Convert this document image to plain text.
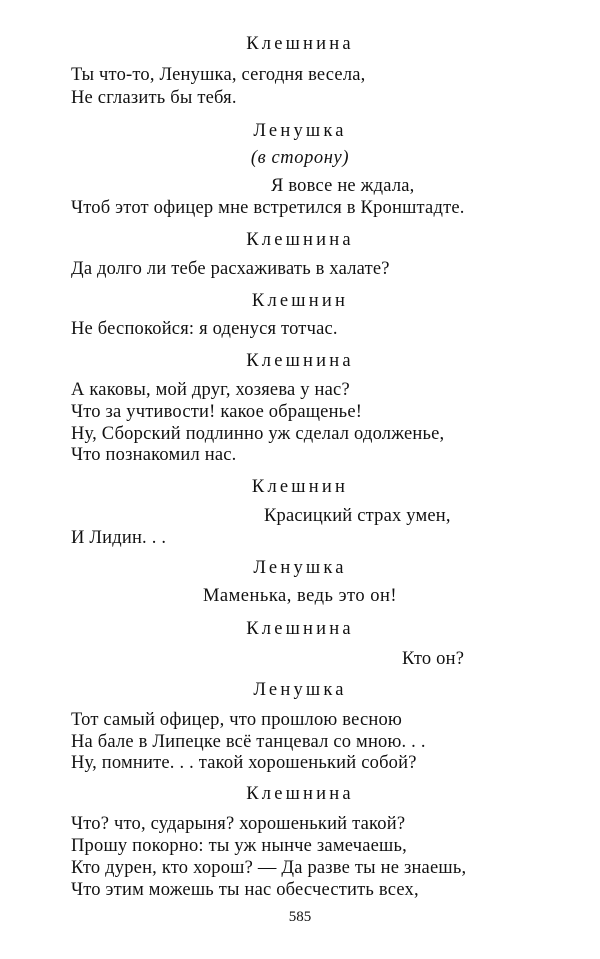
Клешнина
Ты что-то, Ленушка, сегодня весела,
Не сглазить бы тебя.
Ленушка
(в сторону)
Я вовсе не ждала,
Чтоб этот офицер мне встретился в Кронштадте.
Клешнина
Да долго ли тебе расхаживать в халате?
Клешнин
Не беспокойся: я оденуся тотчас.
Клешнина
А каковы, мой друг, хозяева у нас?
Что за учтивости! какое обращенье!
Ну, Сборский подлинно уж сделал одолженье,
Что познакомил нас.
Клешнин
Красицкий страх умен,
И Лидин. . .
Ленушка
Маменька, ведь это он!
Клешнина
Кто он?
Ленушка
Тот самый офицер, что прошлою весною
На бале в Липецке всё танцевал со мною. . .
Ну, помните. . . такой хорошенький собой?
Клешнина
Что? что, сударыня? хорошенький такой?
Прошу покорно: ты уж нынче замечаешь,
Кто дурен, кто хорош? — Да разве ты не знаешь,
Что этим можешь ты нас обесчестить всех,
585
